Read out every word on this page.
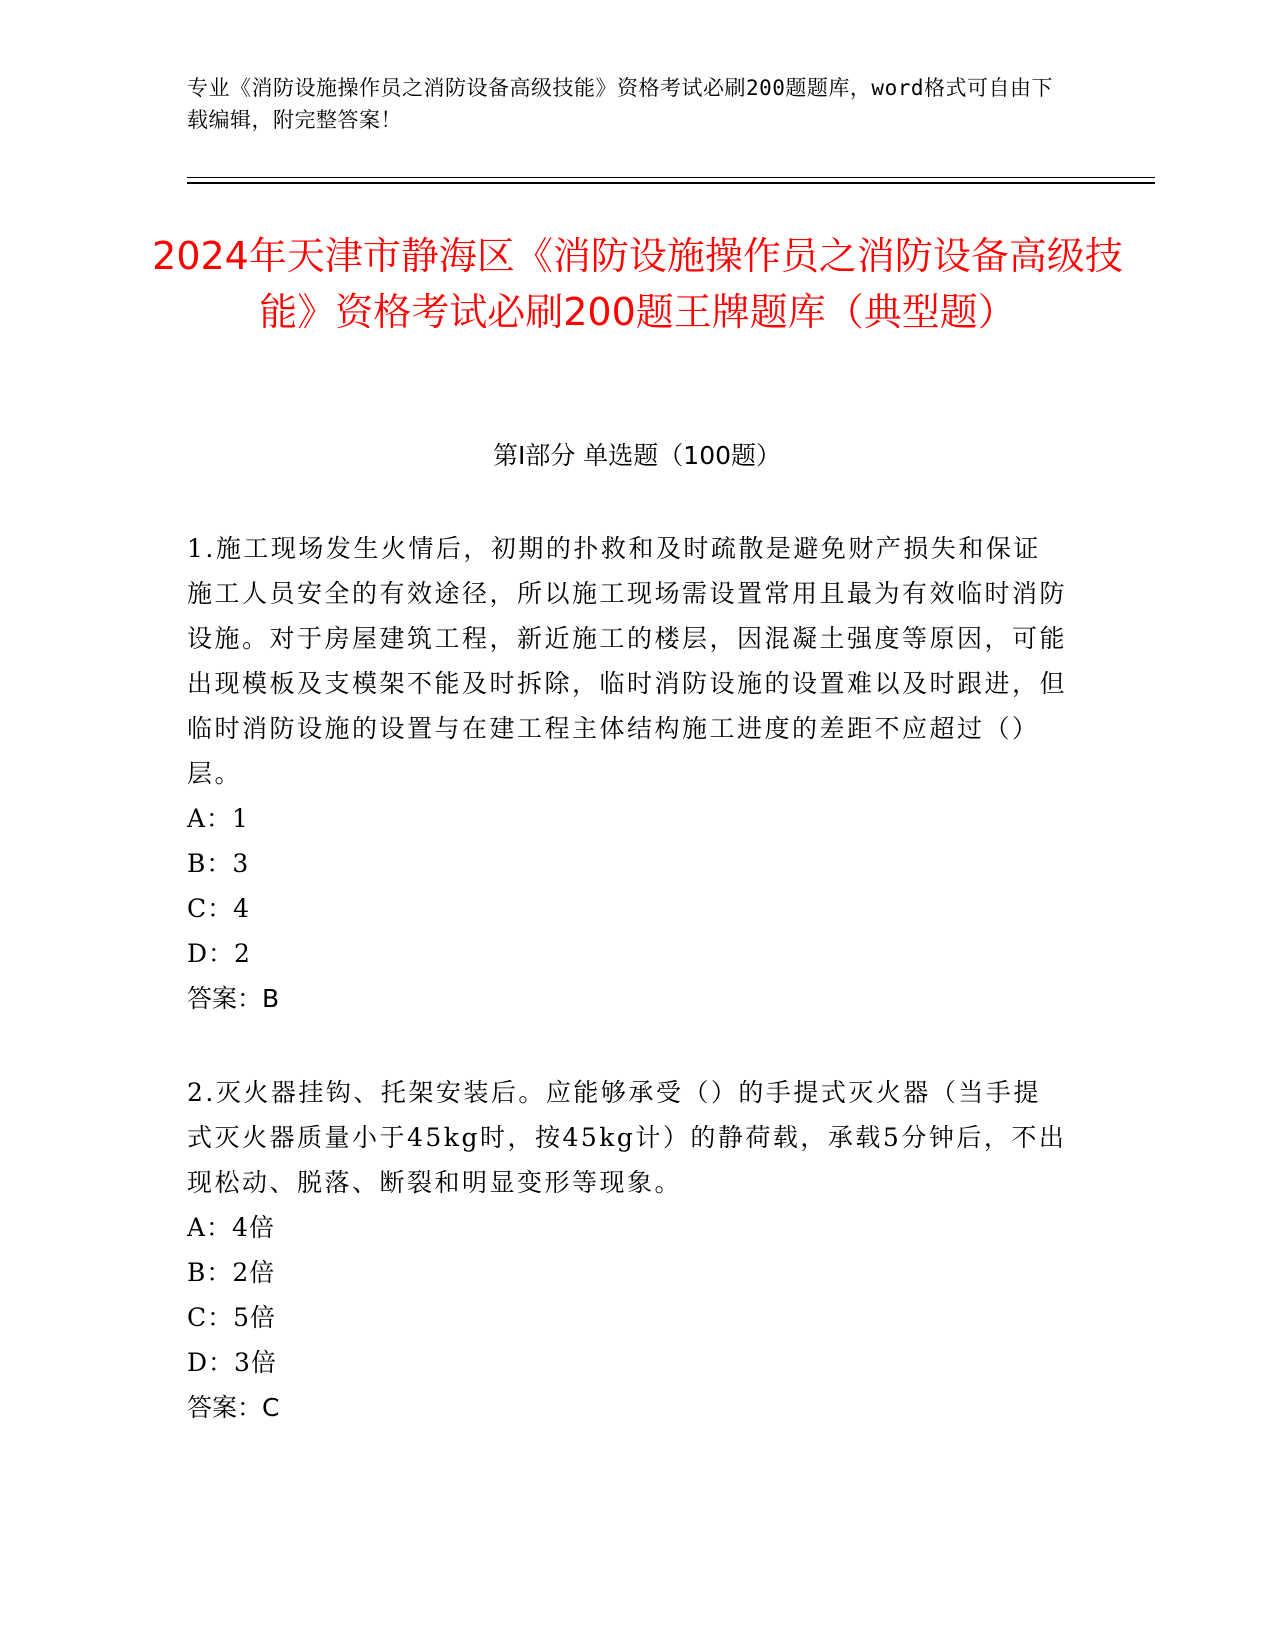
专业《消防设施操作员之消防设备高级技能》资格考试必刷200题题库，word格式可自由下载编辑，附完整答案！
2024年天津市静海区《消防设施操作员之消防设备高级技能》资格考试必刷200题王牌题库（典型题）
第I部分 单选题（100题）
1.施工现场发生火情后，初期的扑救和及时疏散是避免财产损失和保证施工人员安全的有效途径，所以施工现场需设置常用且最为有效临时消防设施。对于房屋建筑工程，新近施工的楼层，因混凝土强度等原因，可能出现模板及支模架不能及时拆除，临时消防设施的设置难以及时跟进，但临时消防设施的设置与在建工程主体结构施工进度的差距不应超过（）层。
A：1
B：3
C：4
D：2
答案：B
2.灭火器挂钩、托架安装后。应能够承受（）的手提式灭火器（当手提式灭火器质量小于45kg时，按45kg计）的静荷载，承载5分钟后，不出现松动、脱落、断裂和明显变形等现象。
A：4倍
B：2倍
C：5倍
D：3倍
答案：C
